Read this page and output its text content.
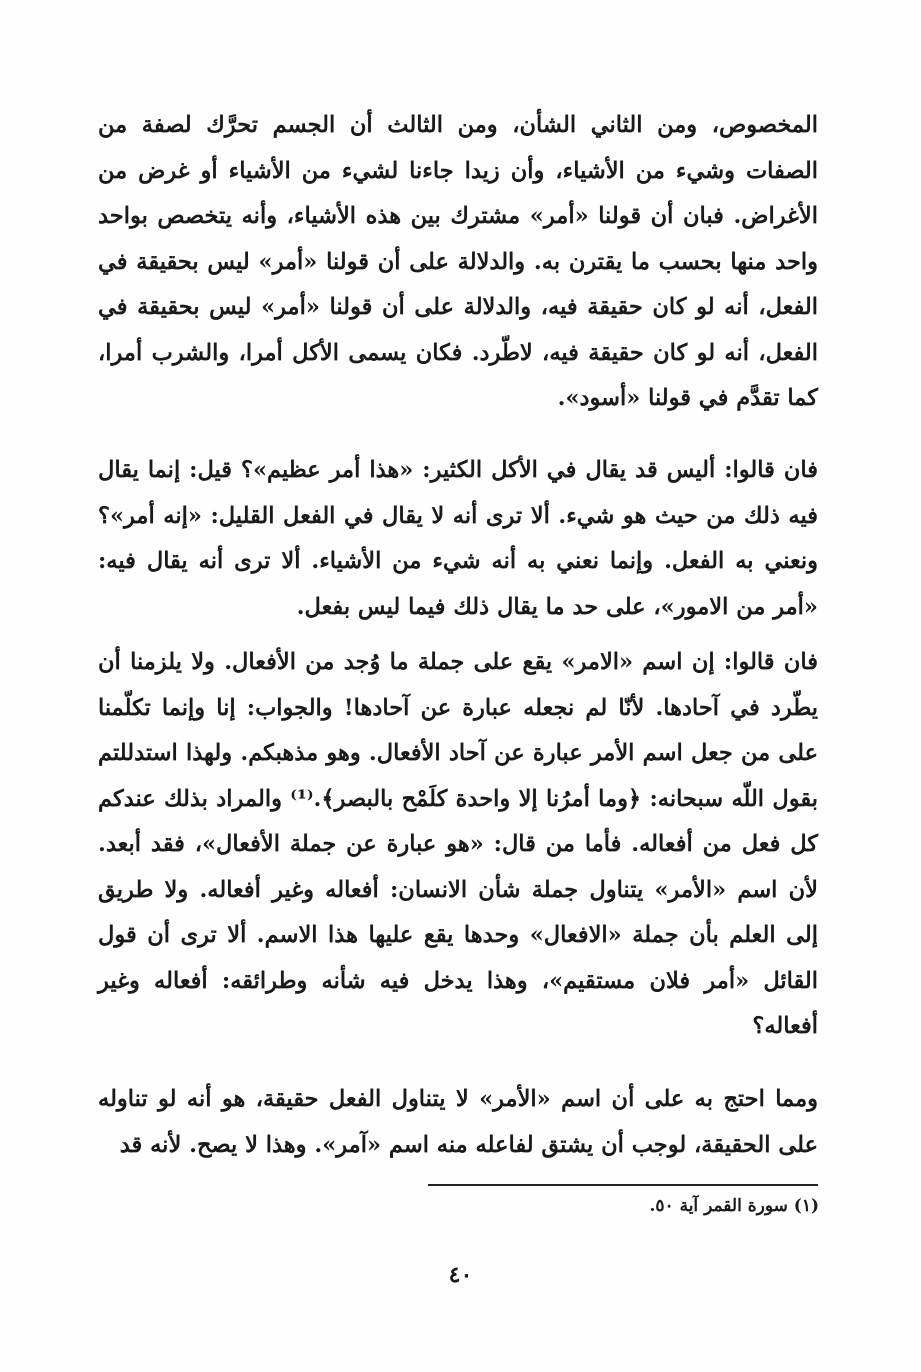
المخصوص، ومن الثاني الشأن، ومن الثالث أن الجسم تحرَّك لصفة من الصفات وشيء من الأشياء، وأن زيدا جاءنا لشيء من الأشياء أو غرض من الأغراض. فبان أن قولنا «أمر» مشترك بين هذه الأشياء، وأنه يتخصص بواحد واحد منها بحسب ما يقترن به. والدلالة على أن قولنا «أمر» ليس بحقيقة في الفعل، أنه لو كان حقيقة فيه، والدلالة على أن قولنا «أمر» ليس بحقيقة في الفعل، أنه لو كان حقيقة فيه، لاطّرد. فكان يسمى الأكل أمرا، والشرب أمرا، كما تقدَّم في قولنا «أسود».

فان قالوا: أليس قد يقال في الأكل الكثير: «هذا أمر عظيم»؟ قيل: إنما يقال فيه ذلك من حيث هو شيء. ألا ترى أنه لا يقال في الفعل القليل: «إنه أمر»؟ ونعني به الفعل. وإنما نعني به أنه شيء من الأشياء. ألا ترى أنه يقال فيه: «أمر من الامور»، على حد ما يقال ذلك فيما ليس بفعل.

فان قالوا: إن اسم «الامر» يقع على جملة ما وُجد من الأفعال. ولا يلزمنا أن يطّرد في آحادها. لأنّا لم نجعله عبارة عن آحادها! والجواب: إنا وإنما تكلّمنا على من جعل اسم الأمر عبارة عن آحاد الأفعال. وهو مذهبكم. ولهذا استدللتم بقول اللّه سبحانه: ﴿وما أمرُنا إلا واحدة كلَمْح بالبصر﴾.⁽¹⁾ والمراد بذلك عندكم كل فعل من أفعاله. فأما من قال: «هو عبارة عن جملة الأفعال»، فقد أبعد. لأن اسم «الأمر» يتناول جملة شأن الانسان: أفعاله وغير أفعاله. ولا طريق إلى العلم بأن جملة «الافعال» وحدها يقع عليها هذا الاسم. ألا ترى أن قول القائل «أمر فلان مستقيم»، وهذا يدخل فيه شأنه وطرائقه: أفعاله وغير أفعاله؟

ومما احتج به على أن اسم «الأمر» لا يتناول الفعل حقيقة، هو أنه لو تناوله على الحقيقة، لوجب أن يشتق لفاعله منه اسم «آمر». وهذا لا يصح. لأنه قد

(١) سورة القمر آية ٥٠.
٤٠
